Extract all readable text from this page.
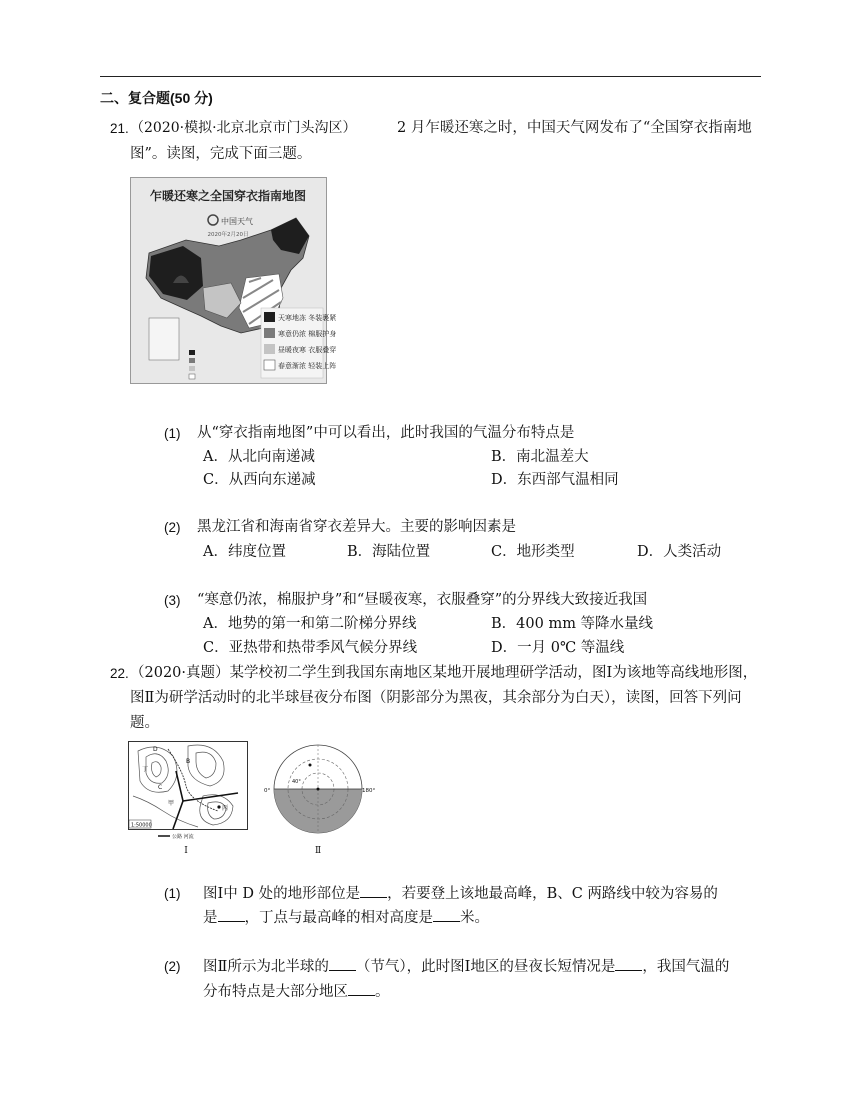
二、复合题(50 分)
21. （2020·模拟·北京北京市门头沟区）	2 月乍暖还寒之时，中国天气网发布了“全国穿衣指南地
图”。读图，完成下面三题。
乍暖还寒之全国穿衣指南地图
中国天气
2020年2月20日
天寒地冻 冬装裹紧
寒意仍浓 棉服护身
昼暖夜寒 衣服叠穿
春意渐浓 轻装上阵
(1) 从“穿衣指南地图”中可以看出，此时我国的气温分布特点是
A．从北向南递减	B．南北温差大
C．从西向东递减	D．东西部气温相同
(2) 黑龙江省和海南省穿衣差异大。主要的影响因素是
A．纬度位置	B．海陆位置	C．地形类型	D．人类活动
(3) “寒意仍浓，棉服护身”和“昼暖夜寒，衣服叠穿”的分界线大致接近我国
A．地势的第一和第二阶梯分界线	B．400 mm 等降水量线
C．亚热带和热带季风气候分界线	D．一月 0℃ 等温线
22. （2020·真题）某学校初二学生到我国东南地区某地开展地理研学活动，图Ⅰ为该地等高线地形图，
图Ⅱ为研学活动时的北半球昼夜分布图（阴影部分为黑夜，其余部分为白天），读图，回答下列问
题。
丙
丁
甲
D
C
B
1:50000
公路 河流
Ⅰ
0°	180°
40°
Ⅱ
(1) 图Ⅰ中 D 处的地形部位是 ，若要登上该地最高峰，B、C 两路线中较为容易的
是 ，丁点与最高峰的相对高度是 米。
(2) 图Ⅱ所示为北半球的 （节气），此时图Ⅰ地区的昼夜长短情况是 ，我国气温的
分布特点是大部分地区 。
